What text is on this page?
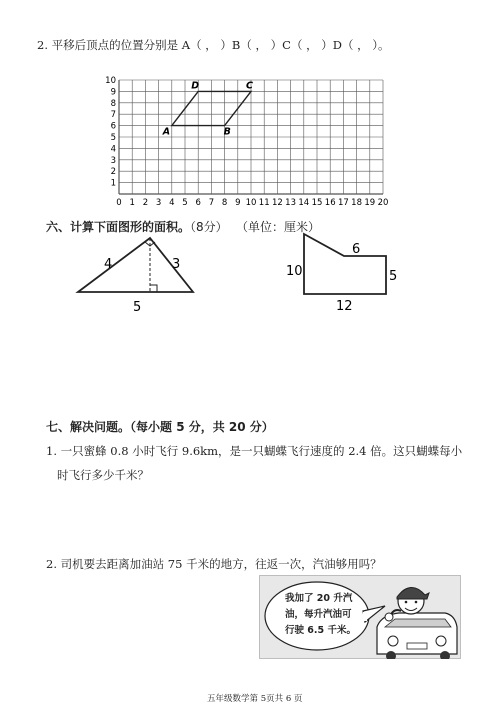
2. 平移后顶点的位置分别是 A（ ， ）B（ ， ）C（ ， ）D（ ， ）。
0 1 2 3 4 5 6 7 8 9 10 11 12 13 14 15 16 17 18 19 20
1
2
3
4
5
6
7
8
9
10
A	B
C
D
六、计算下面图形的面积。（8分） （单位：厘米）
4	3
5
10
6
5
12
七、解决问题。（每小题 5 分，共 20 分）
1. 一只蜜蜂 0.8 小时飞行 9.6km，是一只蝴蝶飞行速度的 2.4 倍。这只蝴蝶每小
时飞行多少千米？
2. 司机要去距离加油站 75 千米的地方，往返一次，汽油够用吗？
我加了 20 升汽
油，每升汽油可
行驶 6.5 千米。
五年级数学第 5页共 6 页
